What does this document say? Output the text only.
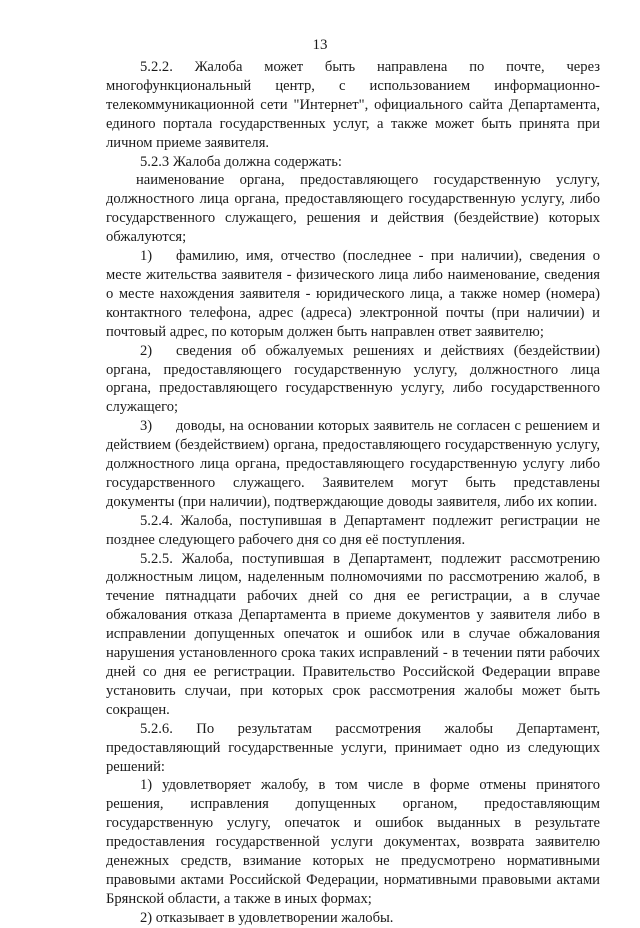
13

5.2.2. Жалоба может быть направлена по почте, через многофункциональный центр, с использованием информационно-телекоммуникационной сети "Интернет", официального сайта Департамента, единого портала государственных услуг, а также может быть принята при личном приеме заявителя.

5.2.3 Жалоба должна содержать:

наименование органа, предоставляющего государственную услугу, должностного лица органа, предоставляющего государственную услугу, либо государственного служащего, решения и действия (бездействие) которых обжалуются;

1) фамилию, имя, отчество (последнее - при наличии), сведения о месте жительства заявителя - физического лица либо наименование, сведения о месте нахождения заявителя - юридического лица, а также номер (номера) контактного телефона, адрес (адреса) электронной почты (при наличии) и почтовый адрес, по которым должен быть направлен ответ заявителю;

2) сведения об обжалуемых решениях и действиях (бездействии) органа, предоставляющего государственную услугу, должностного лица органа, предоставляющего государственную услугу, либо государственного служащего;

3) доводы, на основании которых заявитель не согласен с решением и действием (бездействием) органа, предоставляющего государственную услугу, должностного лица органа, предоставляющего государственную услугу либо государственного служащего. Заявителем могут быть представлены документы (при наличии), подтверждающие доводы заявителя, либо их копии.

5.2.4. Жалоба, поступившая в Департамент подлежит регистрации не позднее следующего рабочего дня со дня её поступления.

5.2.5. Жалоба, поступившая в Департамент, подлежит рассмотрению должностным лицом, наделенным полномочиями по рассмотрению жалоб, в течение пятнадцати рабочих дней со дня ее регистрации, а в случае обжалования отказа Департамента в приеме документов у заявителя либо в исправлении допущенных опечаток и ошибок или в случае обжалования нарушения установленного срока таких исправлений - в течении пяти рабочих дней со дня ее регистрации. Правительство Российской Федерации вправе установить случаи, при которых срок рассмотрения жалобы может быть сокращен.

5.2.6. По результатам рассмотрения жалобы Департамент, предоставляющий государственные услуги, принимает одно из следующих решений:

1) удовлетворяет жалобу, в том числе в форме отмены принятого решения, исправления допущенных органом, предоставляющим государственную услугу, опечаток и ошибок выданных в результате предоставления государственной услуги документах, возврата заявителю денежных средств, взимание которых не предусмотрено нормативными правовыми актами Российской Федерации, нормативными правовыми актами Брянской области, а также в иных формах;

2) отказывает в удовлетворении жалобы.
